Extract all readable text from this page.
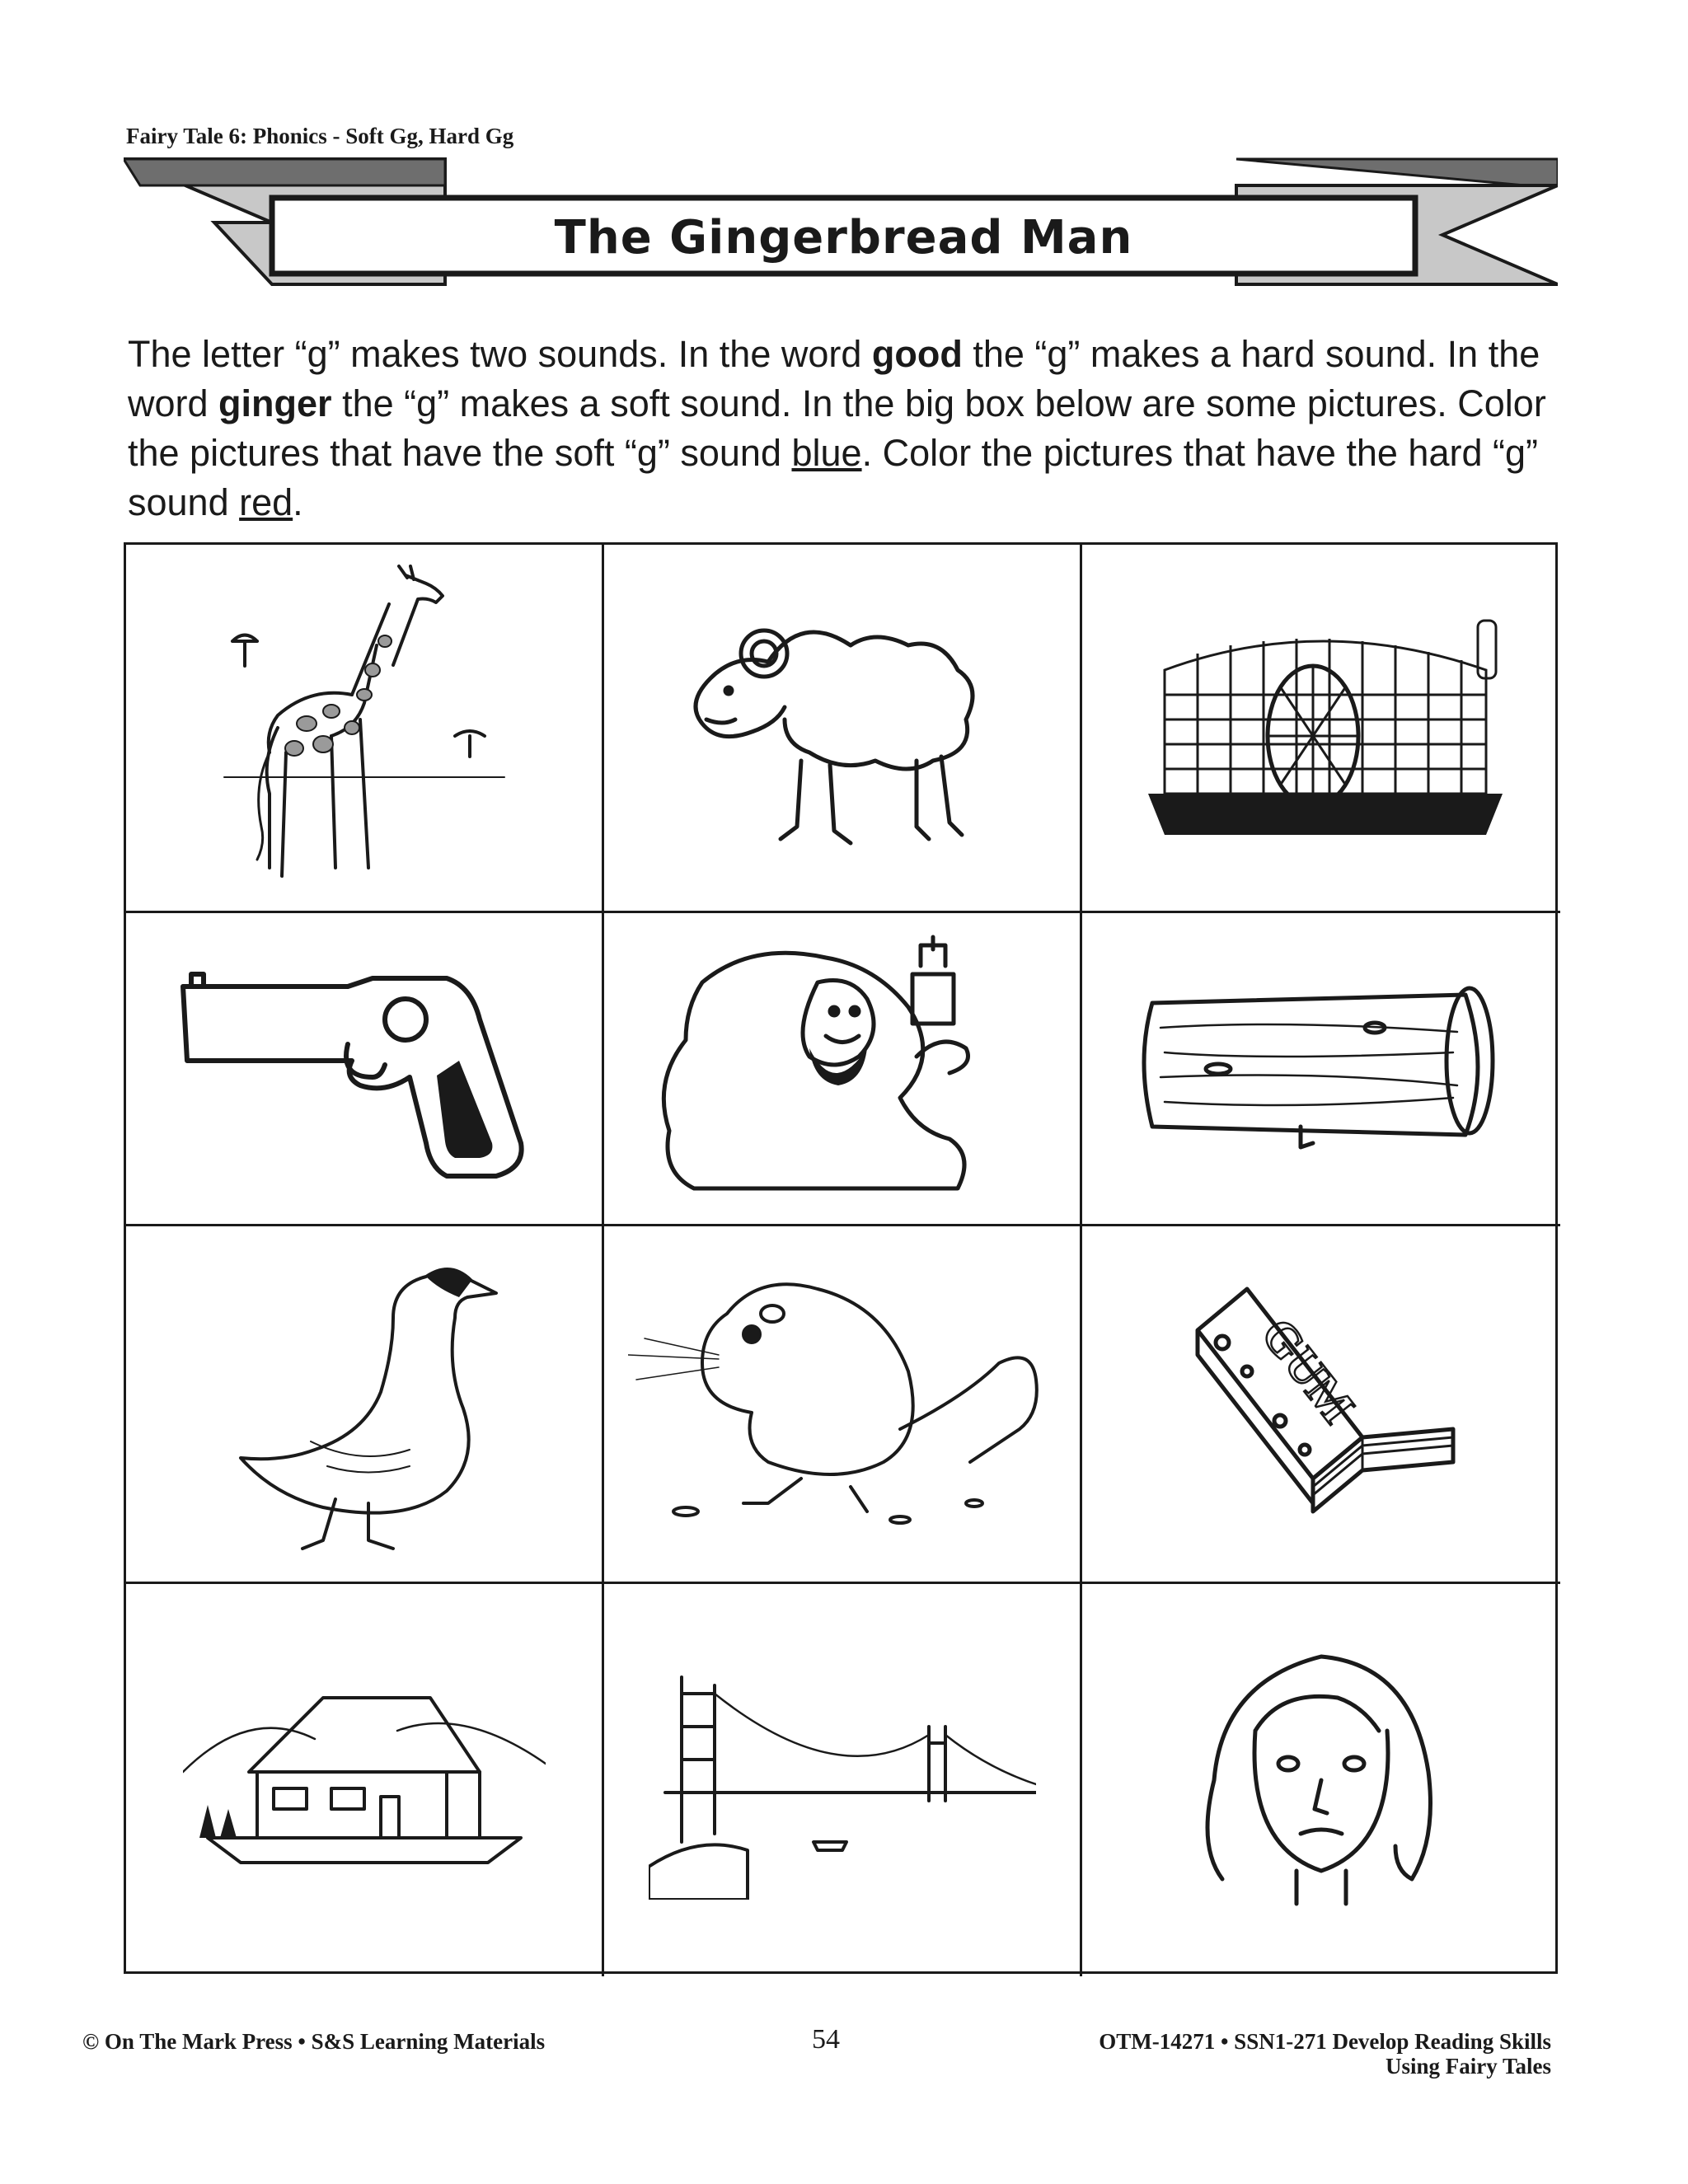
Fairy Tale 6: Phonics - Soft Gg, Hard Gg
The Gingerbread Man

The letter “g” makes two sounds. In the word good the “g” makes a hard sound. In the word ginger the “g” makes a soft sound. In the big box below are some pictures. Color the pictures that have the soft “g” sound blue. Color the pictures that have the hard “g” sound red.

GUM
© On The Mark Press • S&S Learning Materials	54	OTM-14271 • SSN1-271 Develop Reading Skills
Using Fairy Tales
